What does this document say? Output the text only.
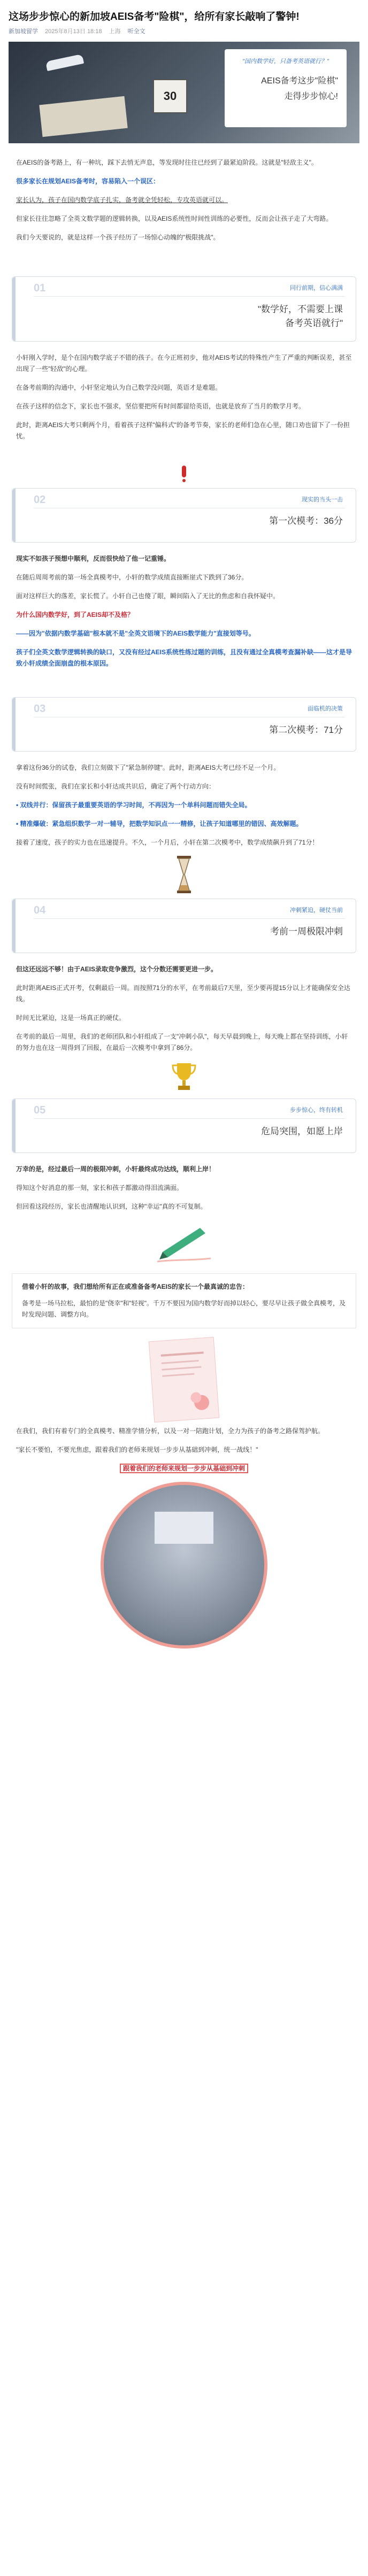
这场步步惊心的新加坡AEIS备考"险棋"，给所有家长敲响了警钟!
新加坡留学 2025年8月13日 18:18 上海 听全文
30
"国内数学好，只备考英语就行？"
AEIS备考这步"险棋"
走得步步惊心!

在AEIS的备考路上，有一种坑，踩下去悄无声息，等发现时往往已经到了最紧迫阶段。这就是"轻敌主义"。

很多家长在规划AEIS备考时，容易陷入一个误区：

家长认为，孩子在国内数学底子扎实，备考就全凭轻松，专攻英语就可以。

但家长往往忽略了全英文数学题的逻辑转换，以及AEIS系统性时间性训练的必要性，反而会让孩子走了大弯路。

我们今天要说的，就是这样一个孩子经历了一场惊心动魄的"极限挑战"。

01	同行前期，信心满满
"数学好，不需要上课
备考英语就行"

小轩刚入学时，是个在国内数学底子不错的孩子。在今正班初步，他对AEIS考试的特殊性产生了严重的判断误差，甚至出现了一些"轻敌"的心理。

在备考前期的沟通中，小轩坚定地认为自己数学没问题，英语才是难题。

在孩子这样的信念下，家长也不强求，坚信要把所有时间都留给英语，也就是放弃了当月的数学月考。

此时，距离AEIS大考只剩两个月，看着孩子这样"偏科式"的备考节奏，家长的老师们急在心里，随口劝也留下了一份担忧。

02	现实的当头一击
第一次模考：36分

现实不如孩子预想中顺利，反而很快给了他一记重锤。

在随后周周考前的第一场全真模考中，小轩的数学成绩直接断崖式下跌到了36分。

面对这样巨大的落差，家长慌了。小轩自己也傻了眼，瞬间陷入了无比的焦虑和自我怀疑中。

为什么国内数学好，到了AEIS却不及格？

——因为"依据内数学基础"根本就不是"全英文语境下的AEIS数学能力"直接划等号。

孩子们全英文数学逻辑转换的缺口，又没有经过AEIS系统性练过题的训练，且没有通过全真模考查漏补缺——这才是导致小轩成绩全面崩盘的根本原因。

03	面临机的决策
第二次模考：71分

拿着这份36分的试卷，我们立刻做下了"紧急制停键"。此时，距离AEIS大考已经不足一个月。

没有时间慌张，我们在家长和小轩达成共识后，确定了两个行动方向：

• 双线并行：保留孩子最重要英语的学习时间，不再因为一个单科问题而错失全局。

• 精准爆破：紧急组织数学一对一辅导，把数学知识点一一精修，让孩子知道哪里的错因、高效解题。

接着了速度，孩子的实力也在迅速提升。不久，一个月后，小轩在第二次模考中，数学成绩飙升到了71分！

04	冲刺紧迫，硬仗当前
考前一周极限冲刺

但这还远远不够！由于AEIS录取竞争激烈，这个分数还需要更进一步。

此时距离AEIS正式开考，仅剩最后一周。而按照71分的水平，在考前最后7天里，至少要再提15分以上才能确保安全达线。

时间无比紧迫，这是一场真正的硬仗。

在考前的最后一周里，我们的老师团队和小轩组成了一支"冲刺小队"，每天早晨到晚上，每天晚上都在坚持训练，小轩的努力也在这一周得到了回报，在最后一次模考中拿到了86分。

05	步步惊心，终有转机
危局突围，如愿上岸

万幸的是，经过最后一周的极限冲刺，小轩最终成功达线，顺利上岸！

得知这个好消息的那一刻，家长和孩子都激动得泪流满面。

但回看这段经历，家长也清醒地认识到，这种"幸运"真的不可复制。

借着小轩的故事，我们想给所有正在或准备备考AEIS的家长一个最真诚的忠告：

备考是一场马拉松，最怕的是"侥幸"和"轻视"。千万不要因为国内数学好而掉以轻心，要尽早让孩子做全真模考，及时发现问题、调整方向。

在我们，我们有着专门的全真模考、精准学情分析，以及一对一陪跑计划，全力为孩子的备考之路保驾护航。

"家长不要怕，不要光焦虑，跟着我们的老师来规划一步步从基础到冲刺，统一战线！"

跟着我们的老师来规划一步步从基础到冲刺
